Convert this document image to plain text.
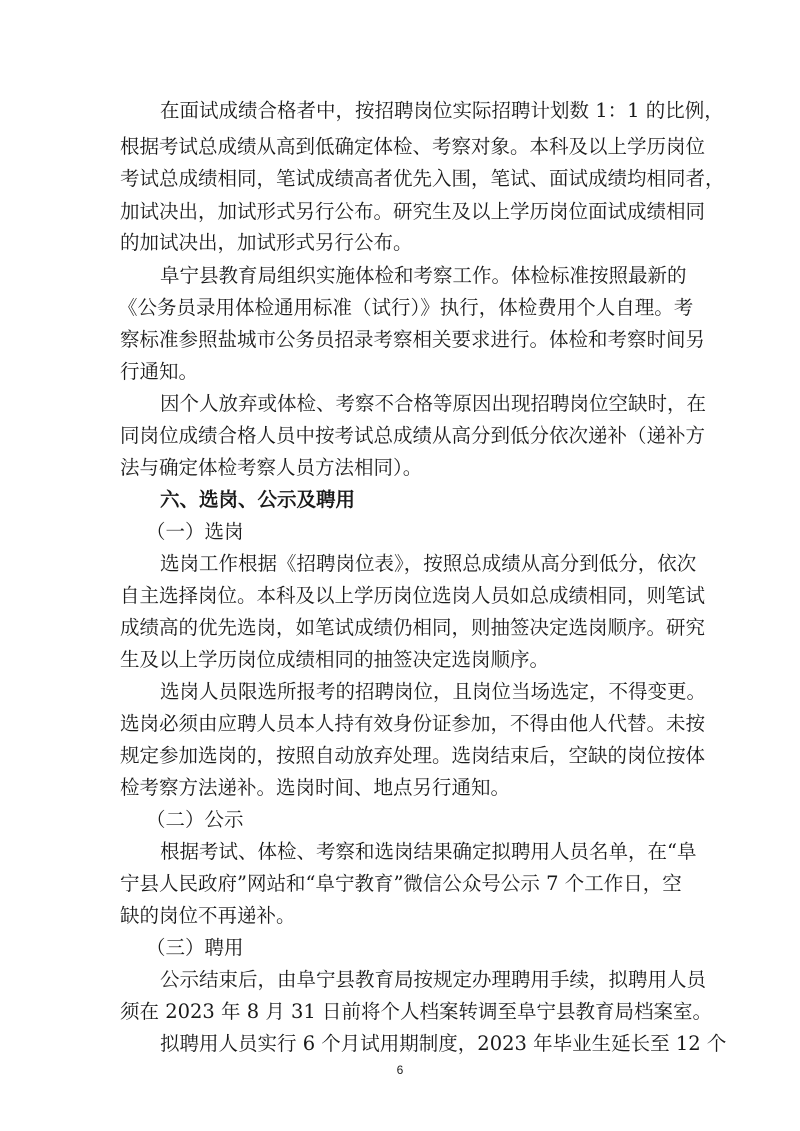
在面试成绩合格者中，按招聘岗位实际招聘计划数 1：1 的比例，
根据考试总成绩从高到低确定体检、考察对象。本科及以上学历岗位
考试总成绩相同，笔试成绩高者优先入围，笔试、面试成绩均相同者，
加试决出，加试形式另行公布。研究生及以上学历岗位面试成绩相同
的加试决出，加试形式另行公布。
阜宁县教育局组织实施体检和考察工作。体检标准按照最新的
《公务员录用体检通用标准（试行）》执行，体检费用个人自理。考
察标准参照盐城市公务员招录考察相关要求进行。体检和考察时间另
行通知。
因个人放弃或体检、考察不合格等原因出现招聘岗位空缺时，在
同岗位成绩合格人员中按考试总成绩从高分到低分依次递补（递补方
法与确定体检考察人员方法相同）。
六、选岗、公示及聘用
（一）选岗
选岗工作根据《招聘岗位表》，按照总成绩从高分到低分，依次
自主选择岗位。本科及以上学历岗位选岗人员如总成绩相同，则笔试
成绩高的优先选岗，如笔试成绩仍相同，则抽签决定选岗顺序。研究
生及以上学历岗位成绩相同的抽签决定选岗顺序。
选岗人员限选所报考的招聘岗位，且岗位当场选定，不得变更。
选岗必须由应聘人员本人持有效身份证参加，不得由他人代替。未按
规定参加选岗的，按照自动放弃处理。选岗结束后，空缺的岗位按体
检考察方法递补。选岗时间、地点另行通知。
（二）公示
根据考试、体检、考察和选岗结果确定拟聘用人员名单，在“阜
宁县人民政府”网站和“阜宁教育”微信公众号公示 7 个工作日，空
缺的岗位不再递补。
（三）聘用
公示结束后，由阜宁县教育局按规定办理聘用手续，拟聘用人员
须在 2023 年 8 月 31 日前将个人档案转调至阜宁县教育局档案室。
拟聘用人员实行 6 个月试用期制度，2023 年毕业生延长至 12 个
6
